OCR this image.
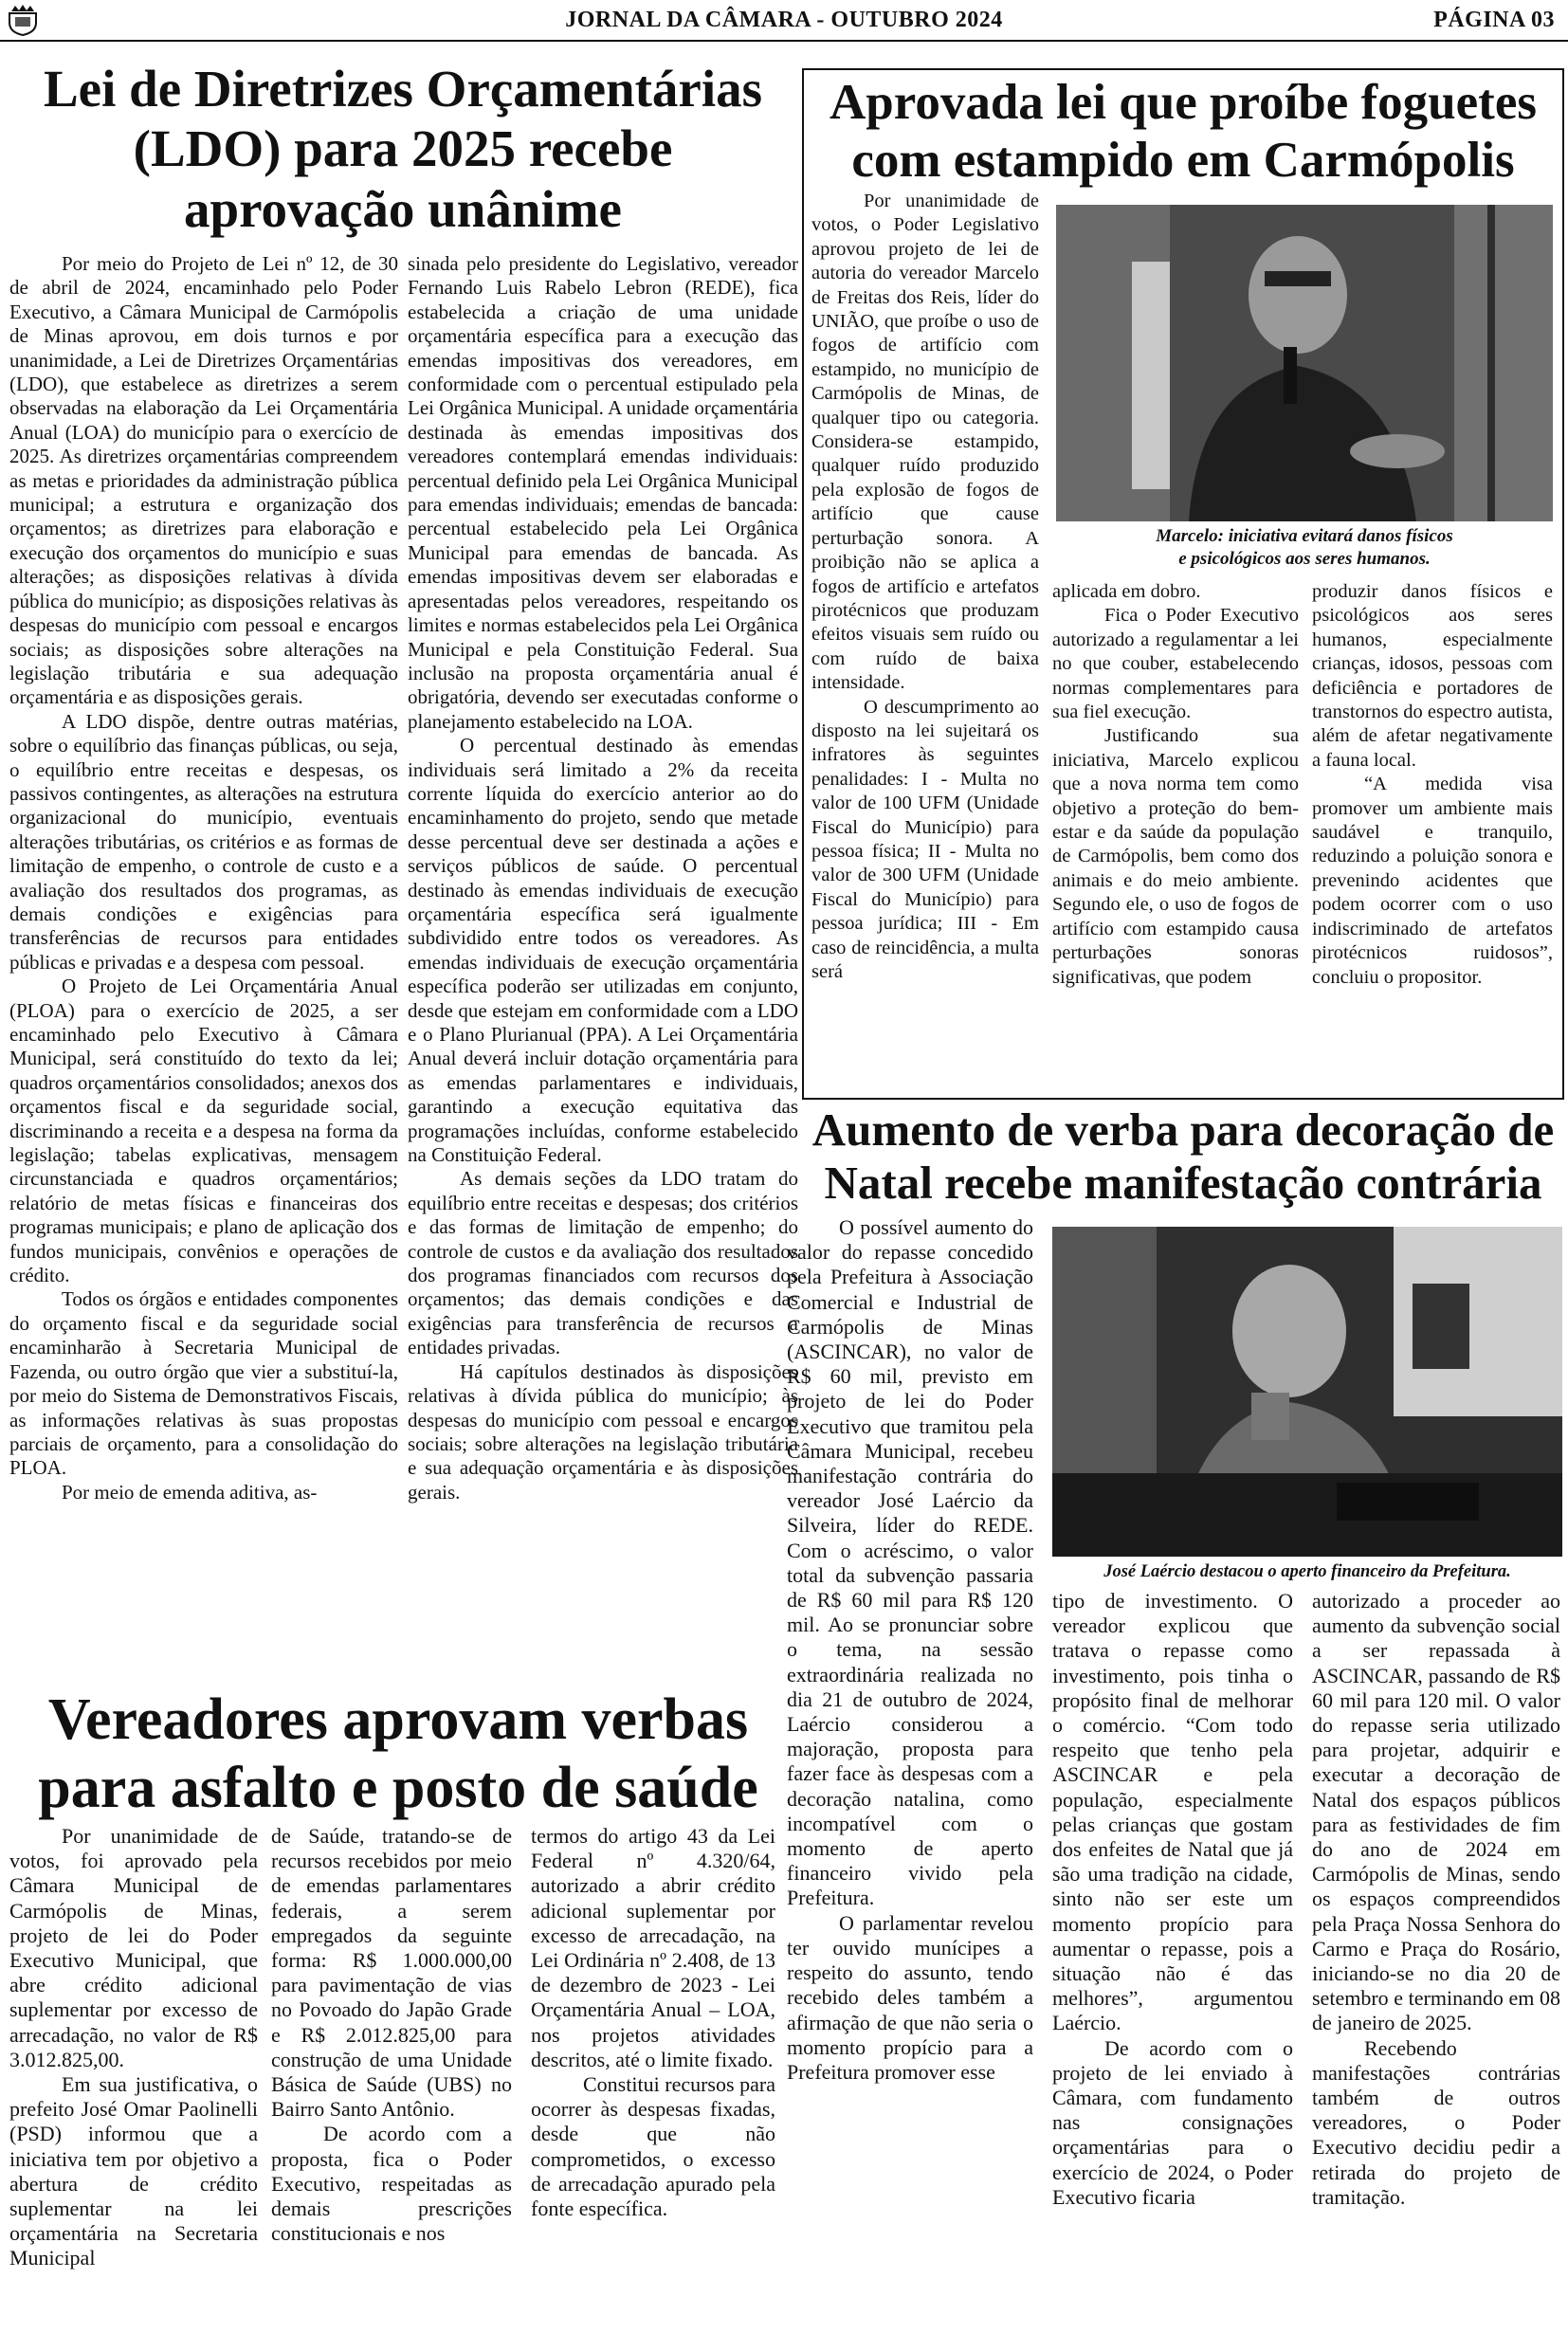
JORNAL DA CÂMARA - OUTUBRO 2024	PÁGINA 03
Lei de Diretrizes Orçamentárias (LDO) para 2025 recebe aprovação unânime

Por meio do Projeto de Lei nº 12, de 30 de abril de 2024, encaminhado pelo Poder Executivo, a Câmara Municipal de Carmópolis de Minas aprovou, em dois turnos e por unanimidade, a Lei de Diretrizes Orçamentárias (LDO), que estabelece as diretrizes a serem observadas na elaboração da Lei Orçamentária Anual (LOA) do município para o exercício de 2025. As diretrizes orçamentárias compreendem as metas e prioridades da administração pública municipal; a estrutura e organização dos orçamentos; as diretrizes para elaboração e execução dos orçamentos do município e suas alterações; as disposições relativas à dívida pública do município; as disposições relativas às despesas do município com pessoal e encargos sociais; as disposições sobre alterações na legislação tributária e sua adequação orçamentária e as disposições gerais.

A LDO dispõe, dentre outras matérias, sobre o equilíbrio das finanças públicas, ou seja, o equilíbrio entre receitas e despesas, os passivos contingentes, as alterações na estrutura organizacional do município, eventuais alterações tributárias, os critérios e as formas de limitação de empenho, o controle de custo e a avaliação dos resultados dos programas, as demais condições e exigências para transferências de recursos para entidades públicas e privadas e a despesa com pessoal.

O Projeto de Lei Orçamentária Anual (PLOA) para o exercício de 2025, a ser encaminhado pelo Executivo à Câmara Municipal, será constituído do texto da lei; quadros orçamentários consolidados; anexos dos orçamentos fiscal e da seguridade social, discriminando a receita e a despesa na forma da legislação; tabelas explicativas, mensagem circunstanciada e quadros orçamentários; relatório de metas físicas e financeiras dos programas municipais; e plano de aplicação dos fundos municipais, convênios e operações de crédito.

Todos os órgãos e entidades componentes do orçamento fiscal e da seguridade social encaminharão à Secretaria Municipal de Fazenda, ou outro órgão que vier a substituí-la, por meio do Sistema de Demonstrativos Fiscais, as informações relativas às suas propostas parciais de orçamento, para a consolidação do PLOA.

Por meio de emenda aditiva, as-

sinada pelo presidente do Legislativo, vereador Fernando Luis Rabelo Lebron (REDE), fica estabelecida a criação de uma unidade orçamentária específica para a execução das emendas impositivas dos vereadores, em conformidade com o percentual estipulado pela Lei Orgânica Municipal. A unidade orçamentária destinada às emendas impositivas dos vereadores contemplará emendas individuais: percentual definido pela Lei Orgânica Municipal para emendas individuais; emendas de bancada: percentual estabelecido pela Lei Orgânica Municipal para emendas de bancada. As emendas impositivas devem ser elaboradas e apresentadas pelos vereadores, respeitando os limites e normas estabelecidos pela Lei Orgânica Municipal e pela Constituição Federal. Sua inclusão na proposta orçamentária anual é obrigatória, devendo ser executadas conforme o planejamento estabelecido na LOA.

O percentual destinado às emendas individuais será limitado a 2% da receita corrente líquida do exercício anterior ao do encaminhamento do projeto, sendo que metade desse percentual deve ser destinada a ações e serviços públicos de saúde. O percentual destinado às emendas individuais de execução orçamentária específica será igualmente subdividido entre todos os vereadores. As emendas individuais de execução orçamentária específica poderão ser utilizadas em conjunto, desde que estejam em conformidade com a LDO e o Plano Plurianual (PPA). A Lei Orçamentária Anual deverá incluir dotação orçamentária para as emendas parlamentares e individuais, garantindo a execução equitativa das programações incluídas, conforme estabelecido na Constituição Federal.

As demais seções da LDO tratam do equilíbrio entre receitas e despesas; dos critérios e das formas de limitação de empenho; do controle de custos e da avaliação dos resultados dos programas financiados com recursos dos orçamentos; das demais condições e das exigências para transferência de recursos a entidades privadas.

Há capítulos destinados às disposições relativas à dívida pública do município; às despesas do município com pessoal e encargos sociais; sobre alterações na legislação tributária e sua adequação orçamentária e às disposições gerais.

Aprovada lei que proíbe foguetes com estampido em Carmópolis

Por unanimidade de votos, o Poder Legislativo aprovou projeto de lei de autoria do vereador Marcelo de Freitas dos Reis, líder do UNIÃO, que proíbe o uso de fogos de artifício com estampido, no município de Carmópolis de Minas, de qualquer tipo ou categoria. Considera-se estampido, qualquer ruído produzido pela explosão de fogos de artifício que cause perturbação sonora. A proibição não se aplica a fogos de artifício e artefatos pirotécnicos que produzam efeitos visuais sem ruído ou com ruído de baixa intensidade.

O descumprimento ao disposto na lei sujeitará os infratores às seguintes penalidades: I - Multa no valor de 100 UFM (Unidade Fiscal do Município) para pessoa física; II - Multa no valor de 300 UFM (Unidade Fiscal do Município) para pessoa jurídica; III - Em caso de reincidência, a multa será

Marcelo: iniciativa evitará danos físicos
e psicológicos aos seres humanos.

aplicada em dobro.

Fica o Poder Executivo autorizado a regulamentar a lei no que couber, estabelecendo normas complementares para sua fiel execução.

Justificando sua iniciativa, Marcelo explicou que a nova norma tem como objetivo a proteção do bem-estar e da saúde da população de Carmópolis, bem como dos animais e do meio ambiente. Segundo ele, o uso de fogos de artifício com estampido causa perturbações sonoras significativas, que podem

produzir danos físicos e psicológicos aos seres humanos, especialmente crianças, idosos, pessoas com deficiência e portadores de transtornos do espectro autista, além de afetar negativamente a fauna local.

“A medida visa promover um ambiente mais saudável e tranquilo, reduzindo a poluição sonora e prevenindo acidentes que podem ocorrer com o uso indiscriminado de artefatos pirotécnicos ruidosos”, concluiu o propositor.

Aumento de verba para decoração de Natal recebe manifestação contrária

O possível aumento do valor do repasse concedido pela Prefeitura à Associação Comercial e Industrial de Carmópolis de Minas (ASCINCAR), no valor de R$ 60 mil, previsto em projeto de lei do Poder Executivo que tramitou pela Câmara Municipal, recebeu manifestação contrária do vereador José Laércio da Silveira, líder do REDE. Com o acréscimo, o valor total da subvenção passaria de R$ 60 mil para R$ 120 mil. Ao se pronunciar sobre o tema, na sessão extraordinária realizada no dia 21 de outubro de 2024, Laércio considerou a majoração, proposta para fazer face às despesas com a decoração natalina, como incompatível com o momento de aperto financeiro vivido pela Prefeitura.

O parlamentar revelou ter ouvido munícipes a respeito do assunto, tendo recebido deles também a afirmação de que não seria o momento propício para a Prefeitura promover esse

José Laércio destacou o aperto financeiro da Prefeitura.

tipo de investimento. O vereador explicou que tratava o repasse como investimento, pois tinha o propósito final de melhorar o comércio. “Com todo respeito que tenho pela ASCINCAR e pela população, especialmente pelas crianças que gostam dos enfeites de Natal que já são uma tradição na cidade, sinto não ser este um momento propício para aumentar o repasse, pois a situação não é das melhores”, argumentou Laércio.

De acordo com o projeto de lei enviado à Câmara, com fundamento nas consignações orçamentárias para o exercício de 2024, o Poder Executivo ficaria

autorizado a proceder ao aumento da subvenção social a ser repassada à ASCINCAR, passando de R$ 60 mil para 120 mil. O valor do repasse seria utilizado para projetar, adquirir e executar a decoração de Natal dos espaços públicos para as festividades de fim do ano de 2024 em Carmópolis de Minas, sendo os espaços compreendidos pela Praça Nossa Senhora do Carmo e Praça do Rosário, iniciando-se no dia 20 de setembro e terminando em 08 de janeiro de 2025.

Recebendo manifestações contrárias também de outros vereadores, o Poder Executivo decidiu pedir a retirada do projeto de tramitação.

Vereadores aprovam verbas
para asfalto e posto de saúde

Por unanimidade de votos, foi aprovado pela Câmara Municipal de Carmópolis de Minas, projeto de lei do Poder Executivo Municipal, que abre crédito adicional suplementar por excesso de arrecadação, no valor de R$ 3.012.825,00.

Em sua justificativa, o prefeito José Omar Paolinelli (PSD) informou que a iniciativa tem por objetivo a abertura de crédito suplementar na lei orçamentária na Secretaria Municipal

de Saúde, tratando-se de recursos recebidos por meio de emendas parlamentares federais, a serem empregados da seguinte forma: R$ 1.000.000,00 para pavimentação de vias no Povoado do Japão Grade e R$ 2.012.825,00 para construção de uma Unidade Básica de Saúde (UBS) no Bairro Santo Antônio.

De acordo com a proposta, fica o Poder Executivo, respeitadas as demais prescrições constitucionais e nos

termos do artigo 43 da Lei Federal nº 4.320/64, autorizado a abrir crédito adicional suplementar por excesso de arrecadação, na Lei Ordinária nº 2.408, de 13 de dezembro de 2023 - Lei Orçamentária Anual – LOA, nos projetos atividades descritos, até o limite fixado.

Constitui recursos para ocorrer às despesas fixadas, desde que não comprometidos, o excesso de arrecadação apurado pela fonte específica.
